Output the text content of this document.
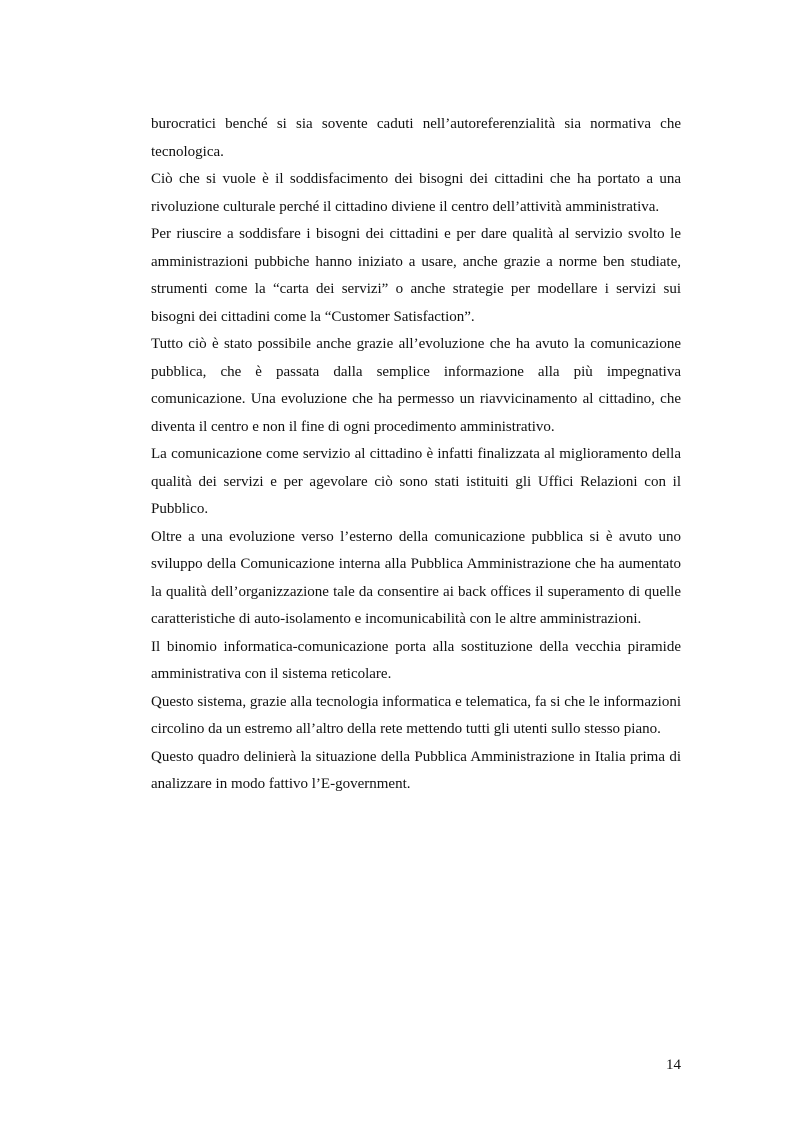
burocratici benché si sia sovente caduti nell’autoreferenzialità sia normativa che tecnologica.

Ciò che si vuole è il soddisfacimento dei bisogni dei cittadini che ha portato a una rivoluzione culturale perché il cittadino diviene il centro dell’attività amministrativa.

Per riuscire a soddisfare i bisogni dei cittadini e per dare qualità al servizio svolto le amministrazioni pubbiche hanno iniziato a usare, anche grazie a norme ben studiate, strumenti come la “carta dei servizi” o anche strategie per modellare i servizi sui bisogni dei cittadini come la “Customer Satisfaction”.

Tutto ciò è stato possibile anche grazie all’evoluzione che ha avuto la comunicazione pubblica, che è passata dalla semplice informazione alla più impegnativa comunicazione. Una evoluzione che ha permesso un riavvicinamento al cittadino, che diventa il centro e non il fine di ogni procedimento amministrativo.

La comunicazione come servizio al cittadino è infatti finalizzata al miglioramento della qualità dei servizi e per agevolare ciò sono stati istituiti gli Uffici Relazioni con il Pubblico.

Oltre a una evoluzione verso l’esterno della comunicazione pubblica si è avuto uno sviluppo della Comunicazione interna alla Pubblica Amministrazione che ha aumentato la qualità dell’organizzazione tale da consentire ai back offices il superamento di quelle caratteristiche di auto-isolamento e incomunicabilità con le altre amministrazioni.

Il binomio informatica-comunicazione porta alla sostituzione della vecchia piramide amministrativa con il sistema reticolare.

Questo sistema, grazie alla tecnologia informatica e telematica, fa si che le informazioni circolino da un estremo all’altro della rete mettendo tutti gli utenti sullo stesso piano.

Questo quadro delinierà la situazione della Pubblica Amministrazione in Italia prima di analizzare in modo fattivo l’E-government.

14
